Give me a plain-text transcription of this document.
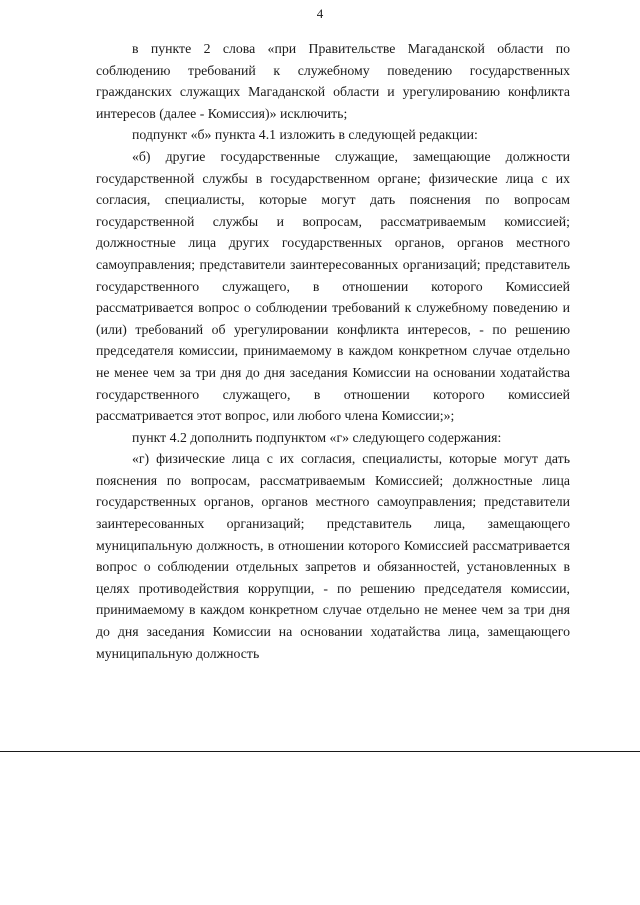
4

в пункте 2 слова «при Правительстве Магаданской области по соблюдению требований к служебному поведению государственных гражданских служащих Магаданской области и урегулированию конфликта интересов (далее - Комиссия)» исключить;

подпункт «б» пункта 4.1 изложить в следующей редакции:

«б) другие государственные служащие, замещающие должности государственной службы в государственном органе; физические лица с их согласия, специалисты, которые могут дать пояснения по вопросам государственной службы и вопросам, рассматриваемым комиссией; должностные лица других государственных органов, органов местного самоуправления; представители заинтересованных организаций; представитель государственного служащего, в отношении которого Комиссией рассматривается вопрос о соблюдении требований к служебному поведению и (или) требований об урегулировании конфликта интересов, - по решению председателя комиссии, принимаемому в каждом конкретном случае отдельно не менее чем за три дня до дня заседания Комиссии на основании ходатайства государственного служащего, в отношении которого комиссией рассматривается этот вопрос, или любого члена Комиссии;»;

пункт 4.2 дополнить подпунктом «г» следующего содержания:

«г) физические лица с их согласия, специалисты, которые могут дать пояснения по вопросам, рассматриваемым Комиссией; должностные лица государственных органов, органов местного самоуправления; представители заинтересованных организаций; представитель лица, замещающего муниципальную должность, в отношении которого Комиссией рассматривается вопрос о соблюдении отдельных запретов и обязанностей, установленных в целях противодействия коррупции, - по решению председателя комиссии, принимаемому в каждом конкретном случае отдельно не менее чем за три дня до дня заседания Комиссии на основании ходатайства лица, замещающего муниципальную должность
